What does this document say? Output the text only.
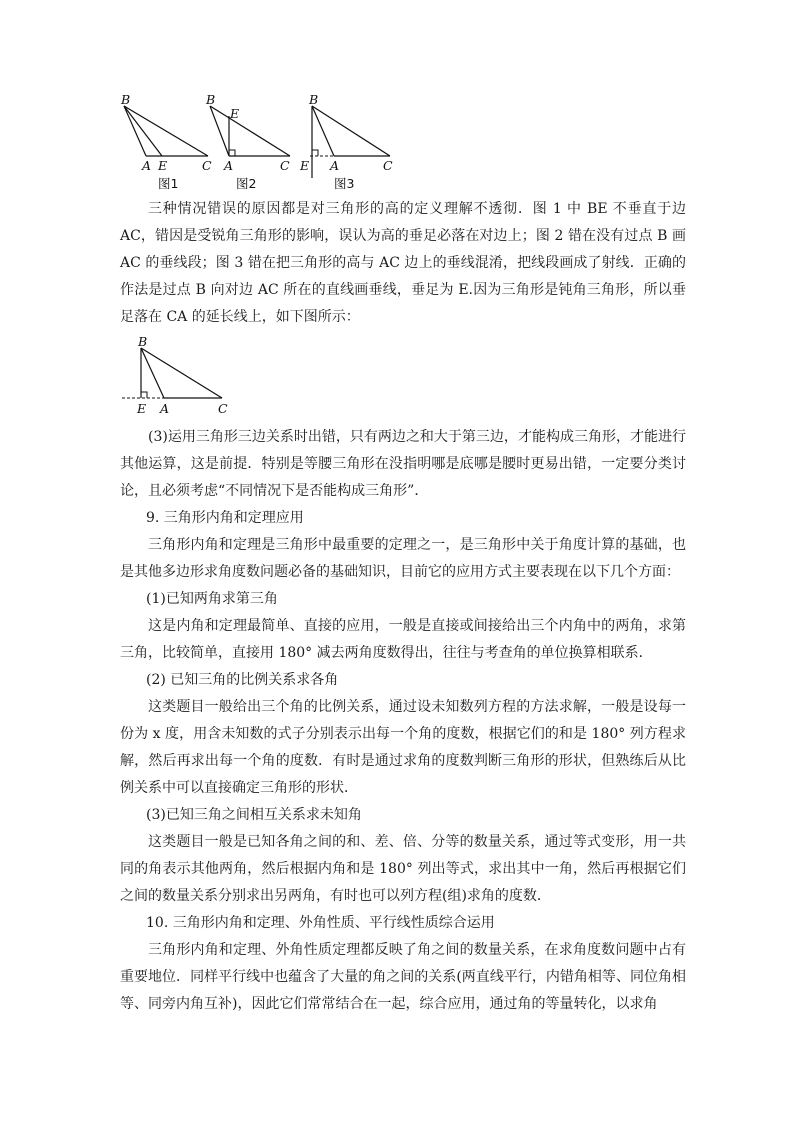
B
A E	C
图1
B
E
A	C
图2
B
E A	C
图3

三种情况错误的原因都是对三角形的高的定义理解不透彻．图 1 中 BE 不垂直于边 AC，错因是受锐角三角形的影响，误认为高的垂足必落在对边上；图 2 错在没有过点 B 画 AC 的垂线段；图 3 错在把三角形的高与 AC 边上的垂线混淆，把线段画成了射线．正确的作法是过点 B 向对边 AC 所在的直线画垂线，垂足为 E.因为三角形是钝角三角形，所以垂足落在 CA 的延长线上，如下图所示：

B
E A	C

(3)运用三角形三边关系时出错，只有两边之和大于第三边，才能构成三角形，才能进行其他运算，这是前提．特别是等腰三角形在没指明哪是底哪是腰时更易出错，一定要分类讨论，且必须考虑“不同情况下是否能构成三角形”．

9. 三角形内角和定理应用

三角形内角和定理是三角形中最重要的定理之一，是三角形中关于角度计算的基础，也是其他多边形求角度数问题必备的基础知识，目前它的应用方式主要表现在以下几个方面：

(1)已知两角求第三角

这是内角和定理最简单、直接的应用，一般是直接或间接给出三个内角中的两角，求第三角，比较简单，直接用 180° 减去两角度数得出，往往与考查角的单位换算相联系．

(2) 已知三角的比例关系求各角

这类题目一般给出三个角的比例关系，通过设未知数列方程的方法求解，一般是设每一份为 x 度，用含未知数的式子分别表示出每一个角的度数，根据它们的和是 180° 列方程求解，然后再求出每一个角的度数．有时是通过求角的度数判断三角形的形状，但熟练后从比例关系中可以直接确定三角形的形状．

(3)已知三角之间相互关系求未知角

这类题目一般是已知各角之间的和、差、倍、分等的数量关系，通过等式变形，用一共同的角表示其他两角，然后根据内角和是 180° 列出等式，求出其中一角，然后再根据它们之间的数量关系分别求出另两角，有时也可以列方程(组)求角的度数．

10. 三角形内角和定理、外角性质、平行线性质综合运用

三角形内角和定理、外角性质定理都反映了角之间的数量关系，在求角度数问题中占有重要地位．同样平行线中也蕴含了大量的角之间的关系(两直线平行，内错角相等、同位角相等、同旁内角互补)，因此它们常常结合在一起，综合应用，通过角的等量转化，以求角
